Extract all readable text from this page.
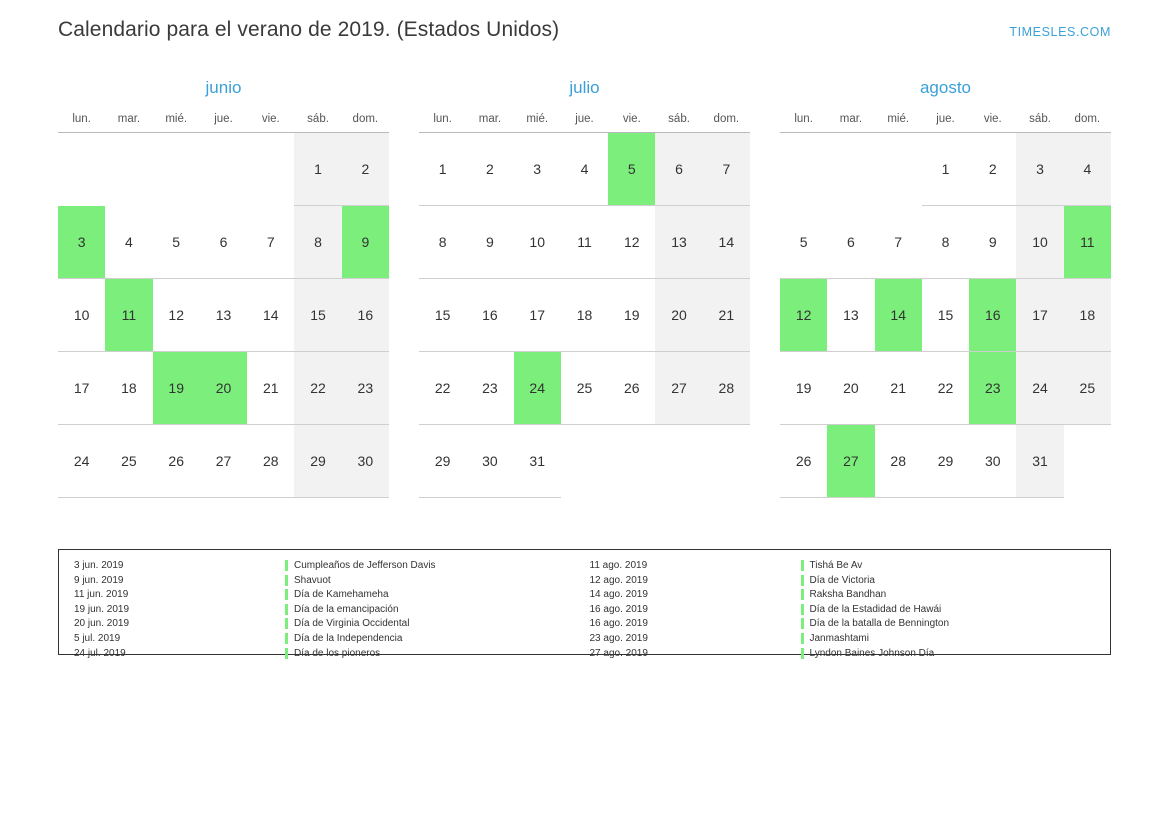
Calendario para el verano de 2019. (Estados Unidos)	TIMESLES.COM
junio
lun.	mar.	mié.	jue.	vie.	sáb.	dom.

					1	2

3	4	5	6	7	8	9

10	11	12	13	14	15	16

17	18	19	20	21	22	23

24	25	26	27	28	29	30
julio
lun.	mar.	mié.	jue.	vie.	sáb.	dom.

1	2	3	4	5	6	7

8	9	10	11	12	13	14

15	16	17	18	19	20	21

22	23	24	25	26	27	28

29	30	31				

agosto
lun.	mar.	mié.	jue.	vie.	sáb.	dom.

			1	2	3	4

5	6	7	8	9	10	11

12	13	14	15	16	17	18

19	20	21	22	23	24	25

26	27	28	29	30	31	

3 jun. 2019	Cumpleaños de Jefferson Davis
9 jun. 2019	Shavuot
11 jun. 2019	Día de Kamehameha
19 jun. 2019	Día de la emancipación
20 jun. 2019	Día de Virginia Occidental
5 jul. 2019	Día de la Independencia
24 jul. 2019	Día de los pioneros
11 ago. 2019	Tishá Be Av
12 ago. 2019	Día de Victoria
14 ago. 2019	Raksha Bandhan
16 ago. 2019	Día de la Estadidad de Hawái
16 ago. 2019	Día de la batalla de Bennington
23 ago. 2019	Janmashtami
27 ago. 2019	Lyndon Baines Johnson Día
